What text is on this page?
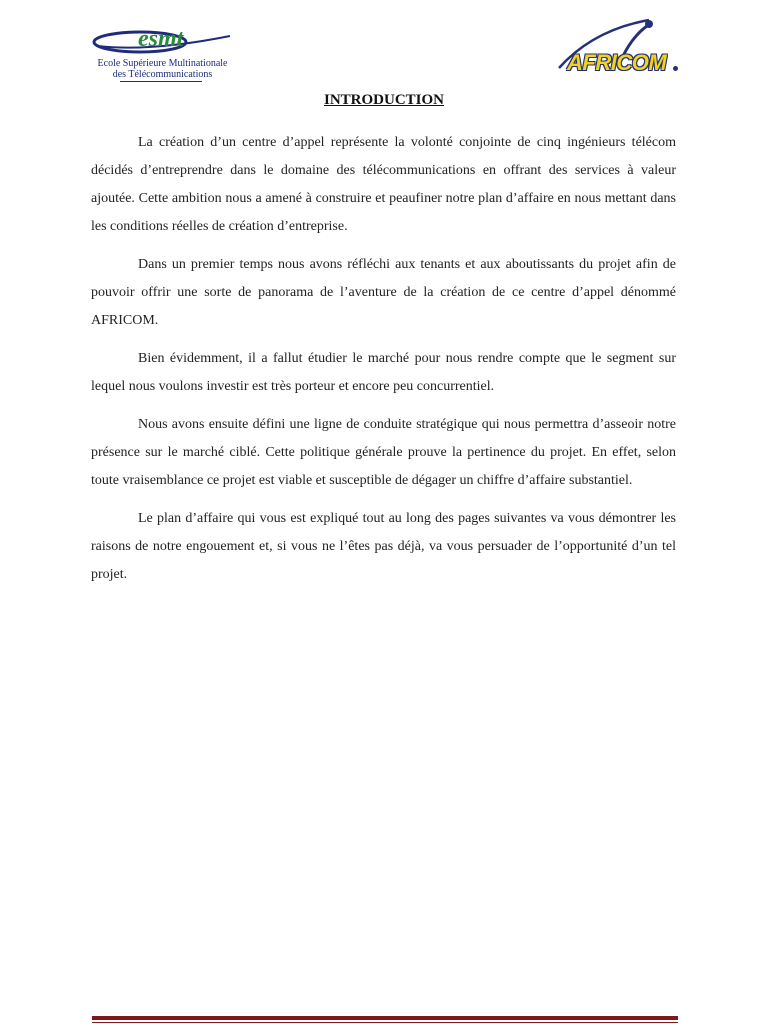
esmt
Ecole Supérieure Multinationale
des Télécommunications	AFRICOM
INTRODUCTION

La création d’un centre d’appel représente la volonté conjointe de cinq ingénieurs télécom décidés d’entreprendre dans le domaine des télécommunications en offrant des services à valeur ajoutée. Cette ambition nous a amené à construire et peaufiner notre plan d’affaire en nous mettant dans les conditions réelles de création d’entreprise.

Dans un premier temps nous avons réfléchi aux tenants et aux aboutissants du projet afin de pouvoir offrir une sorte de panorama de l’aventure de la création de ce centre d’appel dénommé AFRICOM.

Bien évidemment, il a fallut étudier le marché pour nous rendre compte que le segment sur lequel nous voulons investir est très porteur et encore peu concurrentiel.

Nous avons ensuite défini une ligne de conduite stratégique qui nous permettra d’asseoir notre présence sur le marché ciblé. Cette politique générale prouve la pertinence du projet. En effet, selon toute vraisemblance ce projet est viable et susceptible de dégager un chiffre d’affaire substantiel.

Le plan d’affaire qui vous est expliqué tout au long des pages suivantes va vous démontrer les raisons de notre engouement et, si vous ne l’êtes pas déjà, va vous persuader de l’opportunité d’un tel projet.
